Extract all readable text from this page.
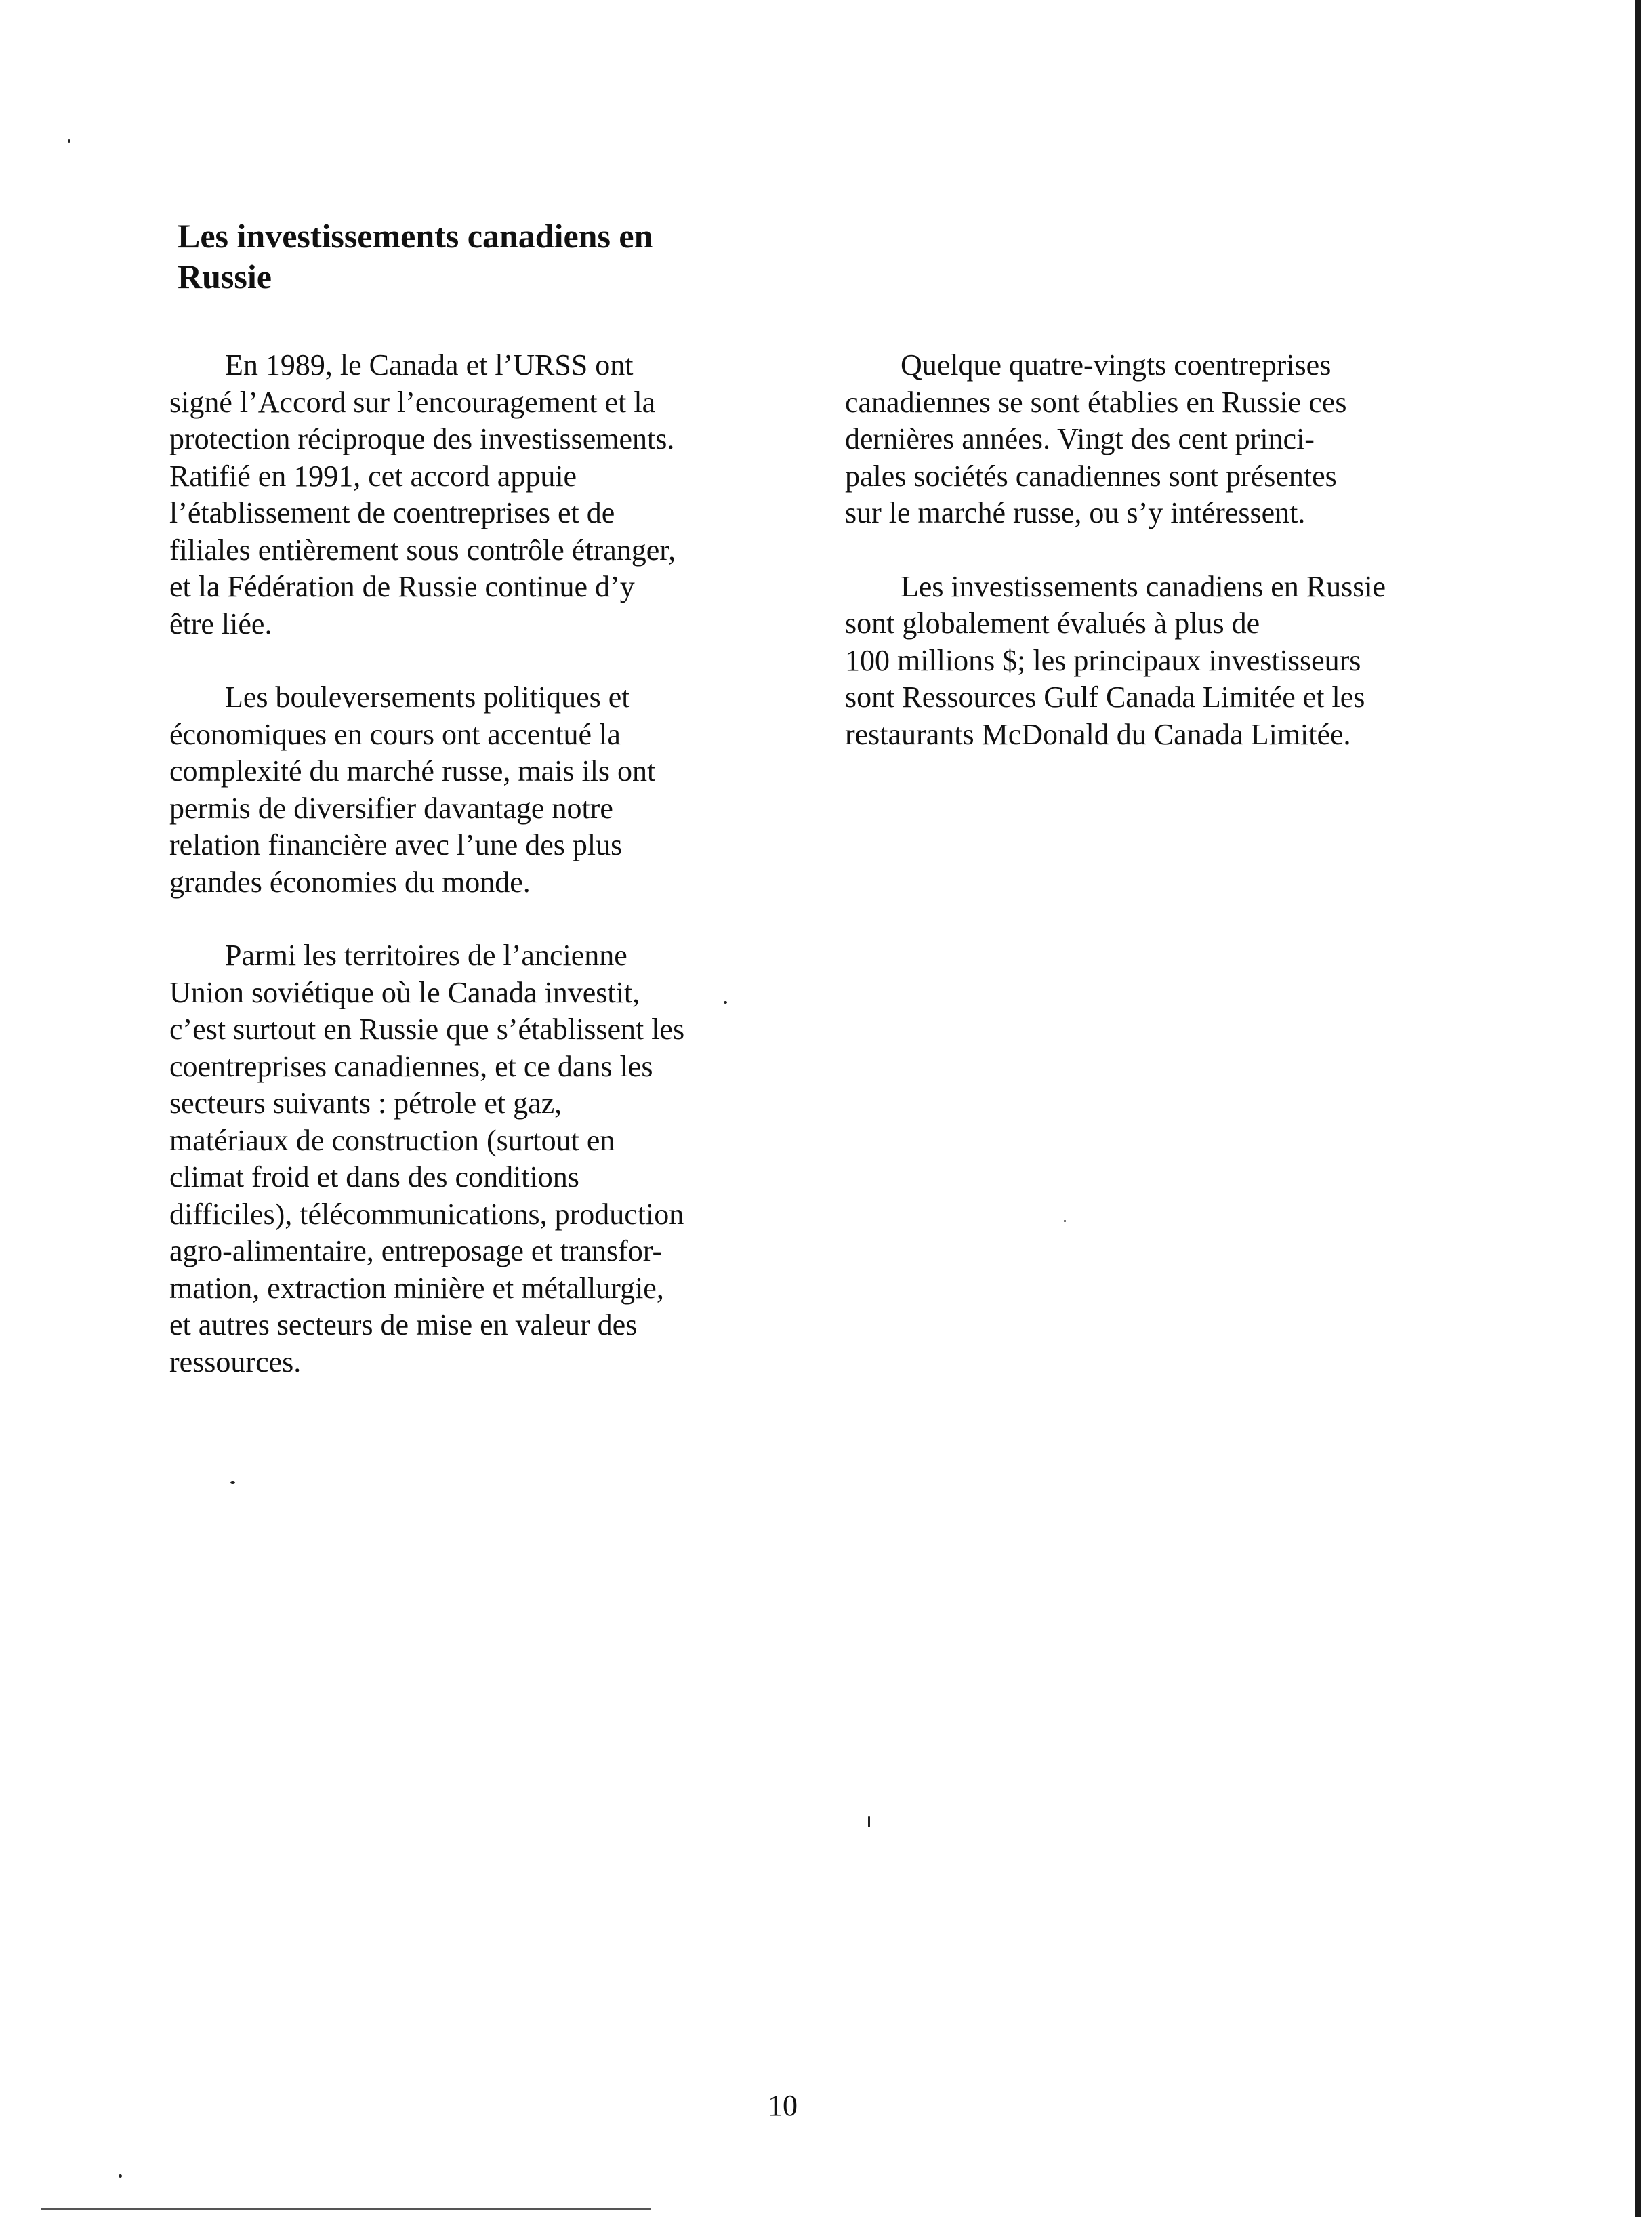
Les investissements canadiens en
Russie
En 1989, le Canada et l’URSS ont
signé l’Accord sur l’encouragement et la
protection réciproque des investissements.
Ratifié en 1991, cet accord appuie
l’établissement de coentreprises et de
filiales entièrement sous contrôle étranger,
et la Fédération de Russie continue d’y
être liée.
Les bouleversements politiques et
économiques en cours ont accentué la
complexité du marché russe, mais ils ont
permis de diversifier davantage notre
relation financière avec l’une des plus
grandes économies du monde.
Parmi les territoires de l’ancienne
Union soviétique où le Canada investit,
c’est surtout en Russie que s’établissent les
coentreprises canadiennes, et ce dans les
secteurs suivants : pétrole et gaz,
matériaux de construction (surtout en
climat froid et dans des conditions
difficiles), télécommunications, production
agro-alimentaire, entreposage et transfor-
mation, extraction minière et métallurgie,
et autres secteurs de mise en valeur des
ressources.
Quelque quatre-vingts coentreprises
canadiennes se sont établies en Russie ces
dernières années. Vingt des cent princi-
pales sociétés canadiennes sont présentes
sur le marché russe, ou s’y intéressent.
Les investissements canadiens en Russie
sont globalement évalués à plus de
100 millions $; les principaux investisseurs
sont Ressources Gulf Canada Limitée et les
restaurants McDonald du Canada Limitée.
10
